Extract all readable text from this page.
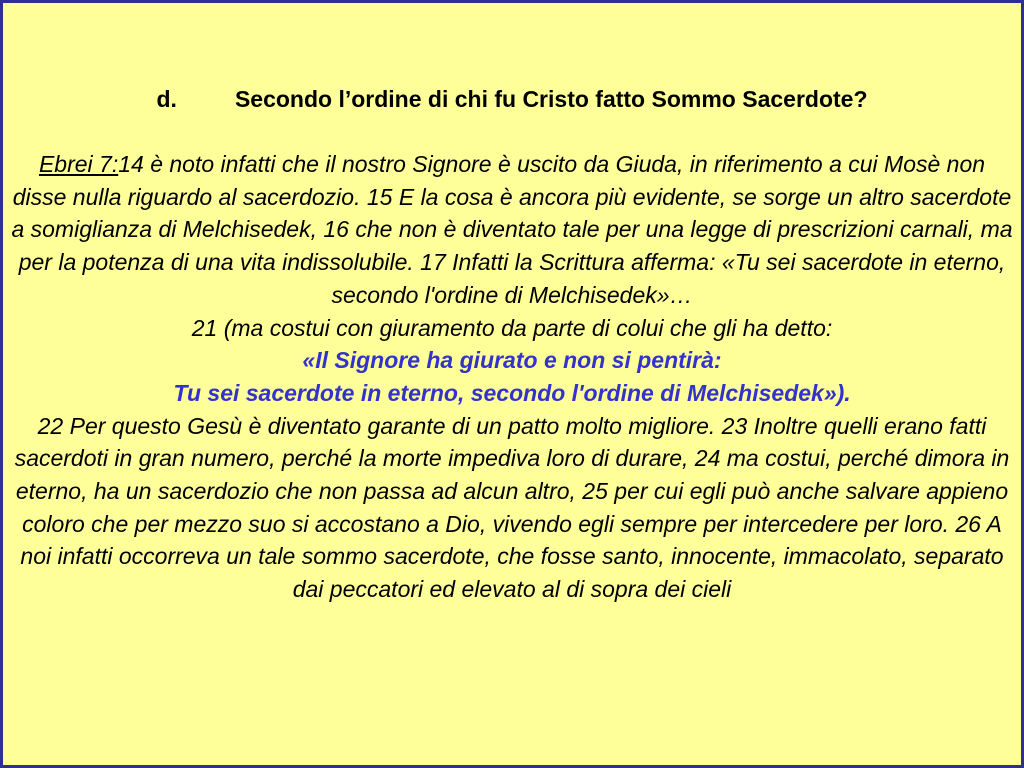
d.	Secondo l’ordine di chi fu Cristo fatto Sommo Sacerdote?

Ebrei 7:14 è noto infatti che il nostro Signore è uscito da Giuda, in riferimento a cui Mosè non disse nulla riguardo al sacerdozio. 15 E la cosa è ancora più evidente, se sorge un altro sacerdote a somiglianza di Melchisedek, 16 che non è diventato tale per una legge di prescrizioni carnali, ma per la potenza di una vita indissolubile. 17 Infatti la Scrittura afferma: «Tu sei sacerdote in eterno, secondo l'ordine di Melchisedek»…
21 (ma costui con giuramento da parte di colui che gli ha detto:
«Il Signore ha giurato e non si pentirà:
Tu sei sacerdote in eterno, secondo l'ordine di Melchisedek»).
22 Per questo Gesù è diventato garante di un patto molto migliore. 23 Inoltre quelli erano fatti sacerdoti in gran numero, perché la morte impediva loro di durare, 24 ma costui, perché dimora in eterno, ha un sacerdozio che non passa ad alcun altro, 25 per cui egli può anche salvare appieno coloro che per mezzo suo si accostano a Dio, vivendo egli sempre per intercedere per loro. 26 A noi infatti occorreva un tale sommo sacerdote, che fosse santo, innocente, immacolato, separato dai peccatori ed elevato al di sopra dei cieli
